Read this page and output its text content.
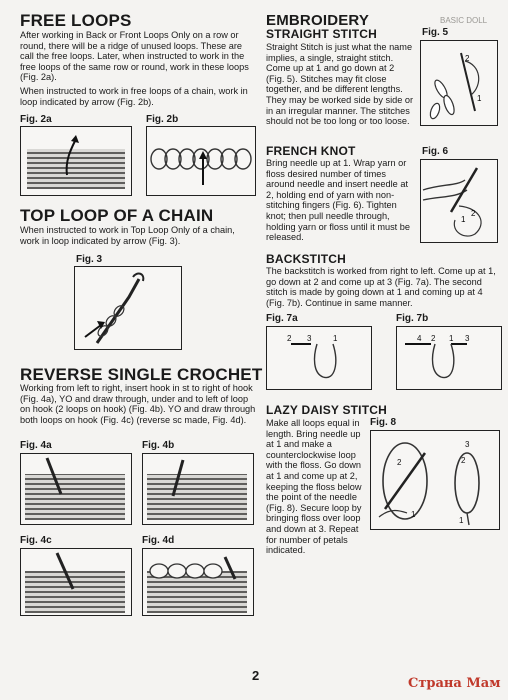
FREE LOOPS
After working in Back or Front Loops Only on a row or round, there will be a ridge of unused loops. These are call the free loops. Later, when instructed to work in the free loops of the same row or round, work in these loops (Fig. 2a).
When instructed to work in free loops of a chain, work in loop indicated by arrow (Fig. 2b).
Fig. 2a	Fig. 2b
TOP LOOP OF A CHAIN
When instructed to work in Top Loop Only of a chain, work in loop indicated by arrow (Fig. 3).
Fig. 3
REVERSE SINGLE CROCHET
Working from left to right, insert hook in st to right of hook (Fig. 4a), YO and draw through, under and to left of loop on hook (2 loops on hook) (Fig. 4b). YO and draw through both loops on hook (Fig. 4c) (reverse sc made, Fig. 4d).
Fig. 4a	Fig. 4b
Fig. 4c	Fig. 4d
BASIC DOLL
EMBROIDERY
STRAIGHT STITCH
Straight Stitch is just what the name implies, a single, straight stitch. Come up at 1 and go down at 2 (Fig. 5). Stitches may fit close together, and be different lengths. They may be worked side by side or in an irregular manner. The stitches should not be too long or too loose.
Fig. 5
1
2
FRENCH KNOT
Bring needle up at 1. Wrap yarn or floss desired number of times around needle and insert needle at 2, holding end of yarn with non-stitching fingers (Fig. 6). Tighten knot; then pull needle through, holding yarn or floss until it must be released.
Fig. 6
1
2
BACKSTITCH
The backstitch is worked from right to left. Come up at 1, go down at 2 and come up at 3 (Fig. 7a). The second stitch is made by going down at 1 and coming up at 4 (Fig. 7b). Continue in same manner.
Fig. 7a
2 3	1
Fig. 7b
4 2 1 3
LAZY DAISY STITCH
Make all loops equal in length. Bring needle up at 1 and make a counterclockwise loop with the floss. Go down at 1 and come up at 2, keeping the floss below the point of the needle (Fig. 8). Secure loop by bringing floss over loop and down at 3. Repeat for number of petals indicated.
Fig. 8
2
1
3
2
1
2
Страна Мам
